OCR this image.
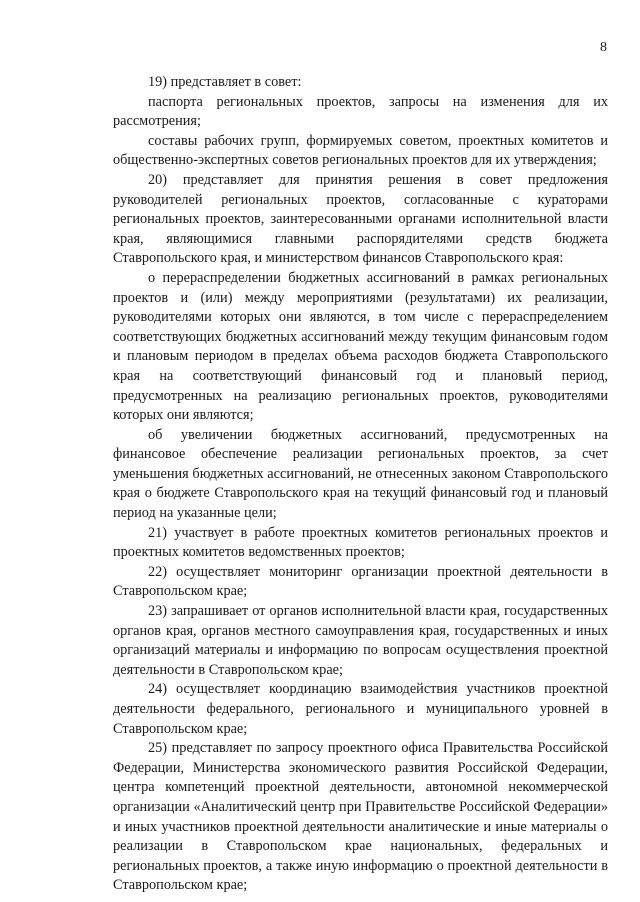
8

19) представляет в совет:

паспорта региональных проектов, запросы на изменения для их рассмотрения;

составы рабочих групп, формируемых советом, проектных комитетов и общественно-экспертных советов региональных проектов для их утверждения;

20) представляет для принятия решения в совет предложения руководителей региональных проектов, согласованные с кураторами региональных проектов, заинтересованными органами исполнительной власти края, являющимися главными распорядителями средств бюджета Ставропольского края, и министерством финансов Ставропольского края:

о перераспределении бюджетных ассигнований в рамках региональных проектов и (или) между мероприятиями (результатами) их реализации, руководителями которых они являются, в том числе с перераспределением соответствующих бюджетных ассигнований между текущим финансовым годом и плановым периодом в пределах объема расходов бюджета Ставропольского края на соответствующий финансовый год и плановый период, предусмотренных на реализацию региональных проектов, руководителями которых они являются;

об увеличении бюджетных ассигнований, предусмотренных на финансовое обеспечение реализации региональных проектов, за счет уменьшения бюджетных ассигнований, не отнесенных законом Ставропольского края о бюджете Ставропольского края на текущий финансовый год и плановый период на указанные цели;

21) участвует в работе проектных комитетов региональных проектов и проектных комитетов ведомственных проектов;

22) осуществляет мониторинг организации проектной деятельности в Ставропольском крае;

23) запрашивает от органов исполнительной власти края, государственных органов края, органов местного самоуправления края, государственных и иных организаций материалы и информацию по вопросам осуществления проектной деятельности в Ставропольском крае;

24) осуществляет координацию взаимодействия участников проектной деятельности федерального, регионального и муниципального уровней в Ставропольском крае;

25) представляет по запросу проектного офиса Правительства Российской Федерации, Министерства экономического развития Российской Федерации, центра компетенций проектной деятельности, автономной некоммерческой организации «Аналитический центр при Правительстве Российской Федерации» и иных участников проектной деятельности аналитические и иные материалы о реализации в Ставропольском крае национальных, федеральных и региональных проектов, а также иную информацию о проектной деятельности в Ставропольском крае;
